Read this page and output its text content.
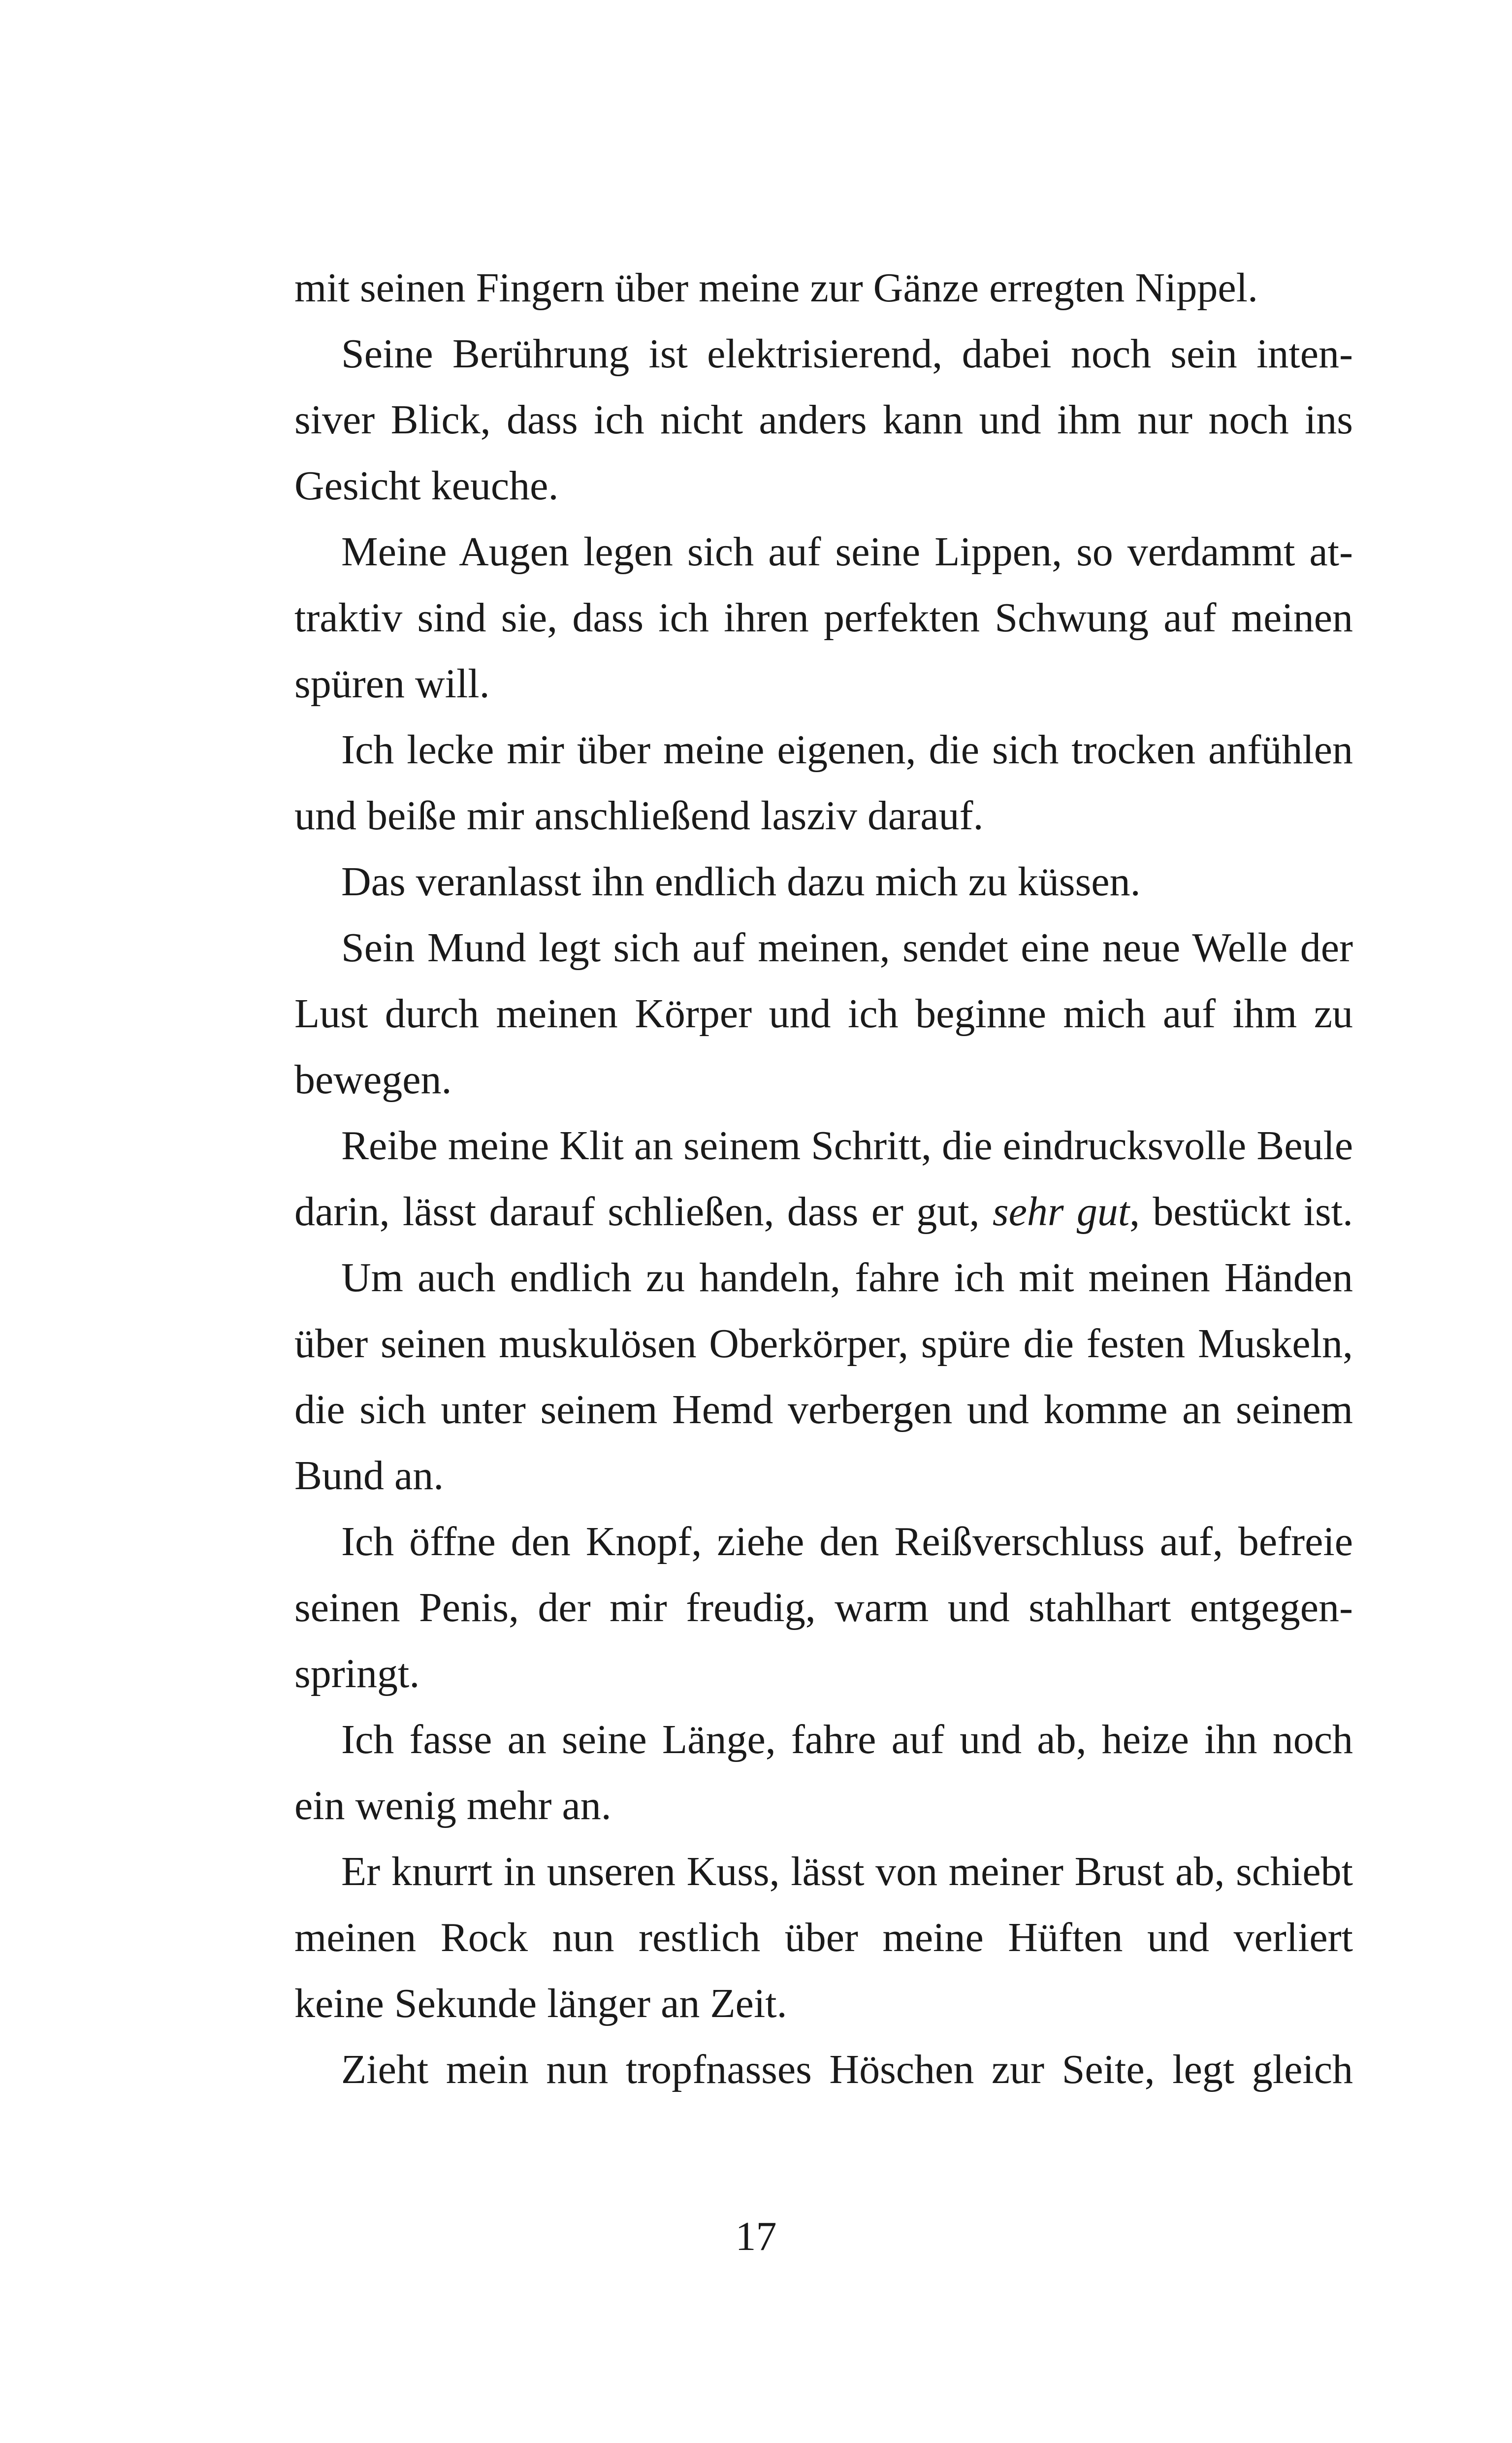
mit seinen Fingern über meine zur Gänze erregten Nippel.
Seine Berührung ist elektrisierend, dabei noch sein inten-
siver Blick, dass ich nicht anders kann und ihm nur noch ins
Gesicht keuche.
Meine Augen legen sich auf seine Lippen, so verdammt at-
traktiv sind sie, dass ich ihren perfekten Schwung auf meinen
spüren will.
Ich lecke mir über meine eigenen, die sich trocken anfühlen
und beiße mir anschließend lasziv darauf.
Das veranlasst ihn endlich dazu mich zu küssen.
Sein Mund legt sich auf meinen, sendet eine neue Welle der
Lust durch meinen Körper und ich beginne mich auf ihm zu
bewegen.
Reibe meine Klit an seinem Schritt, die eindrucksvolle Beule
darin, lässt darauf schließen, dass er gut, sehr gut, bestückt ist.
Um auch endlich zu handeln, fahre ich mit meinen Händen
über seinen muskulösen Oberkörper, spüre die festen Muskeln,
die sich unter seinem Hemd verbergen und komme an seinem
Bund an.
Ich öffne den Knopf, ziehe den Reißverschluss auf, befreie
seinen Penis, der mir freudig, warm und stahlhart entgegen-
springt.
Ich fasse an seine Länge, fahre auf und ab, heize ihn noch
ein wenig mehr an.
Er knurrt in unseren Kuss, lässt von meiner Brust ab, schiebt
meinen Rock nun restlich über meine Hüften und verliert
keine Sekunde länger an Zeit.
Zieht mein nun tropfnasses Höschen zur Seite, legt gleich
17
